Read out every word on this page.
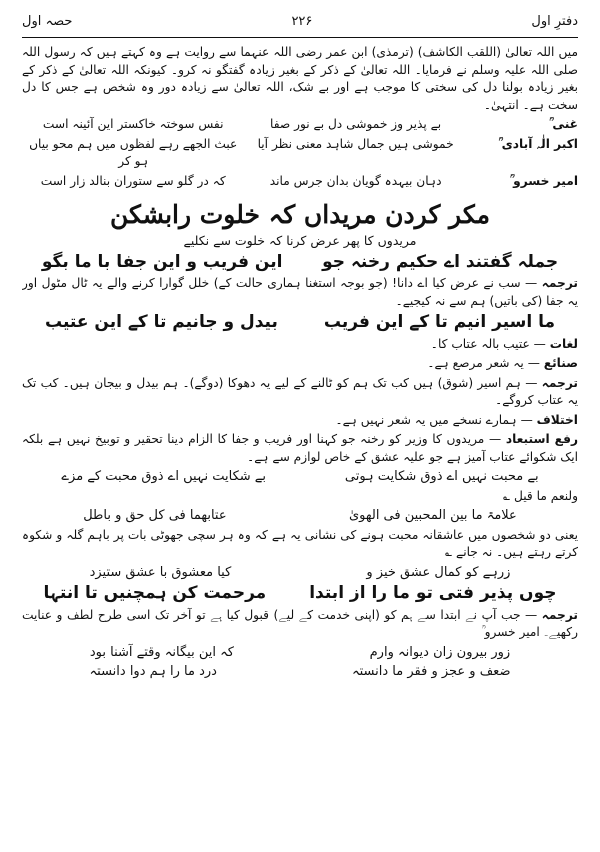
دفترِ اول
۲۲۶
حصہ اول

میں اللہ تعالیٰ (اللقب الکاشف) (ترمذی) ابن عمر رضی اللہ عنہما سے روایت ہے وہ کہتے ہیں کہ رسول اللہ صلی اللہ علیہ وسلم نے فرمایا۔ اللہ تعالیٰ کے ذکر کے بغیر زیادہ گفتگو نہ کرو۔ کیونکہ اللہ تعالیٰ کے ذکر کے بغیر زیادہ بولنا دل کی سختی کا موجب ہے اور بے شک، اللہ تعالیٰ سے زیادہ دور وہ شخص ہے جس کا دل سخت ہے۔ انتہیٰ۔

غنی ؒ
بے پذیر وز خموشی دل بے نور صفا
نفس سوختہ خاکستر این آئینہ است
اکبر الٰہ آبادی ؒ
خموشی ہیں جمال شاہد معنی نظر آیا
عبث الجھے رہے لفظوں میں ہم محو بیاں ہو کر
امیر خسرو ؒ
دہان بیہدہ گویان بدان جرس ماند
کہ در گلو سے ستوران بنالد زار است
مکر کردن مریداں کہ خلوت رابشکن
مریدوں کا پھر عرض کرنا کہ خلوت سے نکلیے
جملہ گفتند اے حکیم رخنہ جو
این فریب و این جفا با ما بگو

ترجمہ — سب نے عرض کیا اے دانا! (جو بوجہ استغنا ہماری حالت کے) خلل گوارا کرنے والے یہ ٹال مٹول اور یہ جفا (کی باتیں) ہم سے نہ کیجیے۔

ما اسیر انیم تا کے این فریب
بیدل و جانیم تا کے این عتیب

لغات — عتیب بالہ عتاب کا۔

صنائع — یہ شعر مرصع ہے۔

ترجمہ — ہم اسیر (شوق) ہیں کب تک ہم کو ٹالنے کے لیے یہ دھوکا (دوگے)۔ ہم بیدل و بیجان ہیں۔ کب تک یہ عتاب کروگے۔

اختلاف — ہمارے نسخے میں یہ شعر نہیں ہے۔

رفع استبعاد — مریدوں کا وزیر کو رخنہ جو کہنا اور فریب و جفا کا الزام دینا تحقیر و توبیخ نہیں ہے بلکہ ایک شکوائے عتاب آمیز ہے جو علیہ عشق کے خاص لوازم سے ہے۔

بے محبت نہیں اے ذوق شکایت ہوتی
بے شکایت نہیں اے ذوق محبت کے مزے

ولنعم ما قیل ؎

علامۃ ما بین المحبین فی الھویٰ
عتابھما فی کل حق و باطل

یعنی دو شخصوں میں عاشقانہ محبت ہونے کی نشانی یہ ہے کہ وہ ہر سچی جھوٹی بات پر باہم گلہ و شکوہ کرتے رہتے ہیں۔ نہ جانے ؎

زرہے کو کمال عشق خیز و
کیا معشوق با عشق ستیزد
چوں پذیر فتی تو ما را از ابتدا
مرحمت کن ہمچنیں تا انتہا

ترجمہ — جب آپ نے ابتدا سے ہم کو (اپنی خدمت کے لیے) قبول کیا ہے تو آخر تک اسی طرح لطف و عنایت رکھیے۔ امیر خسرو ؒ

زور بیرون زان دیوانہ وارم
کہ این بیگانہ وقتے آشنا بود
ضعف و عجز و فقر ما دانستہ
درد ما را ہم دوا دانستہ
